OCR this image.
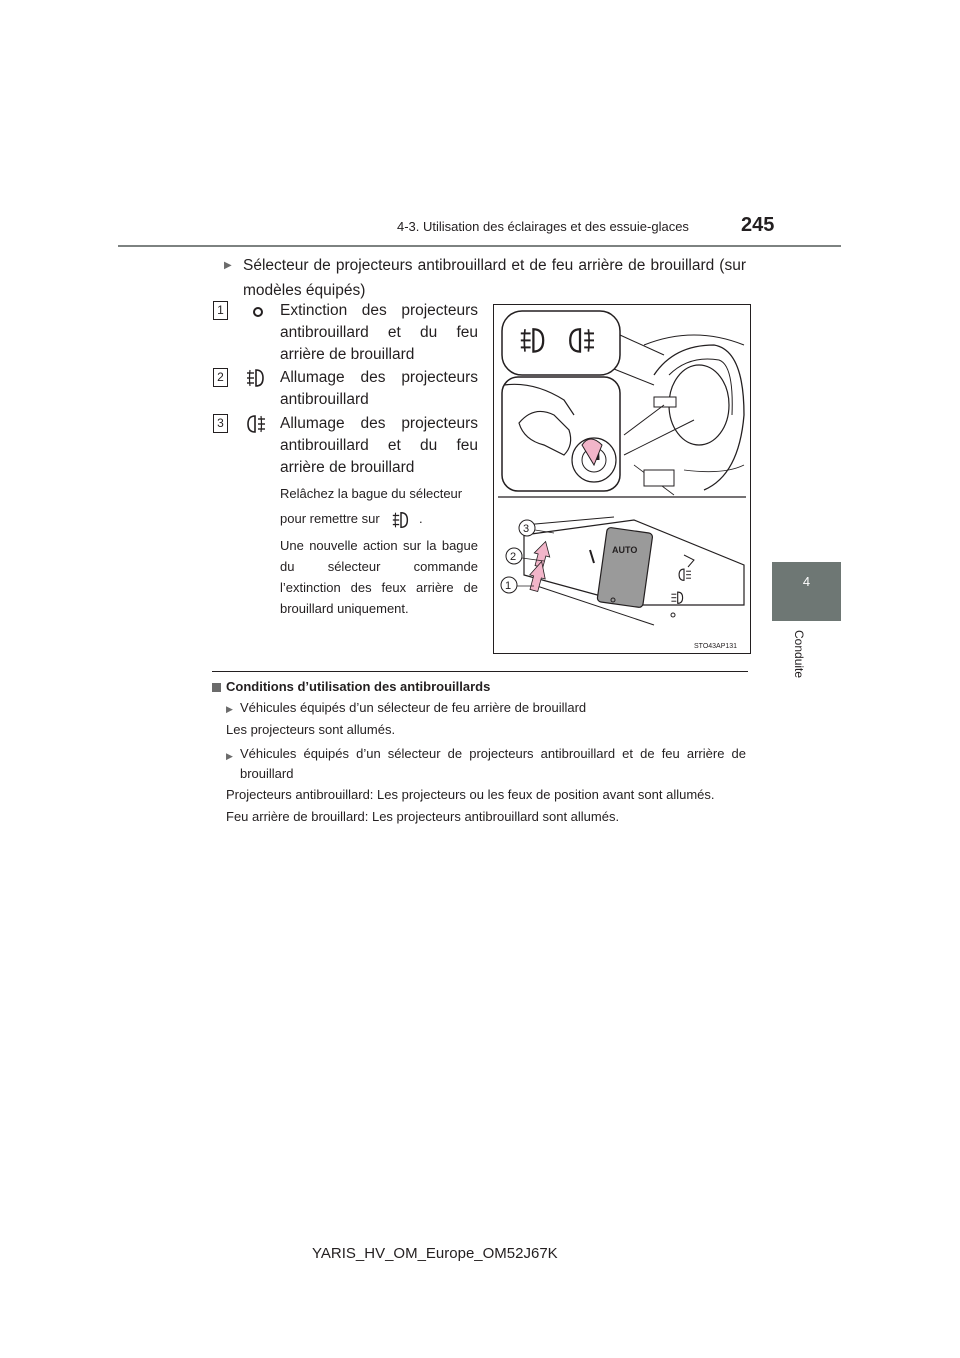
4-3. Utilisation des éclairages et des essuie-glaces	245
4
Conduite
▶ Sélecteur de projecteurs antibrouillard et de feu arrière de brouillard (sur modèles équipés)
1	Extinction des projecteurs antibrouillard et du feu arrière de brouillard
2	Allumage des projecteurs antibrouillard
3	Allumage des projecteurs antibrouillard et du feu arrière de brouillard
Relâchez la bague du sélecteur
pour remettre sur	.
Une nouvelle action sur la bague du sélecteur commande l’extinction des feux arrière de brouillard uniquement.
AUTO
3
2
1
STO43AP131
Conditions d’utilisation des antibrouillards
▶ Véhicules équipés d’un sélecteur de feu arrière de brouillard
Les projecteurs sont allumés.
▶ Véhicules équipés d’un sélecteur de projecteurs antibrouillard et de feu arrière de brouillard
Projecteurs antibrouillard: Les projecteurs ou les feux de position avant sont allumés.
Feu arrière de brouillard: Les projecteurs antibrouillard sont allumés.
YARIS_HV_OM_Europe_OM52J67K
